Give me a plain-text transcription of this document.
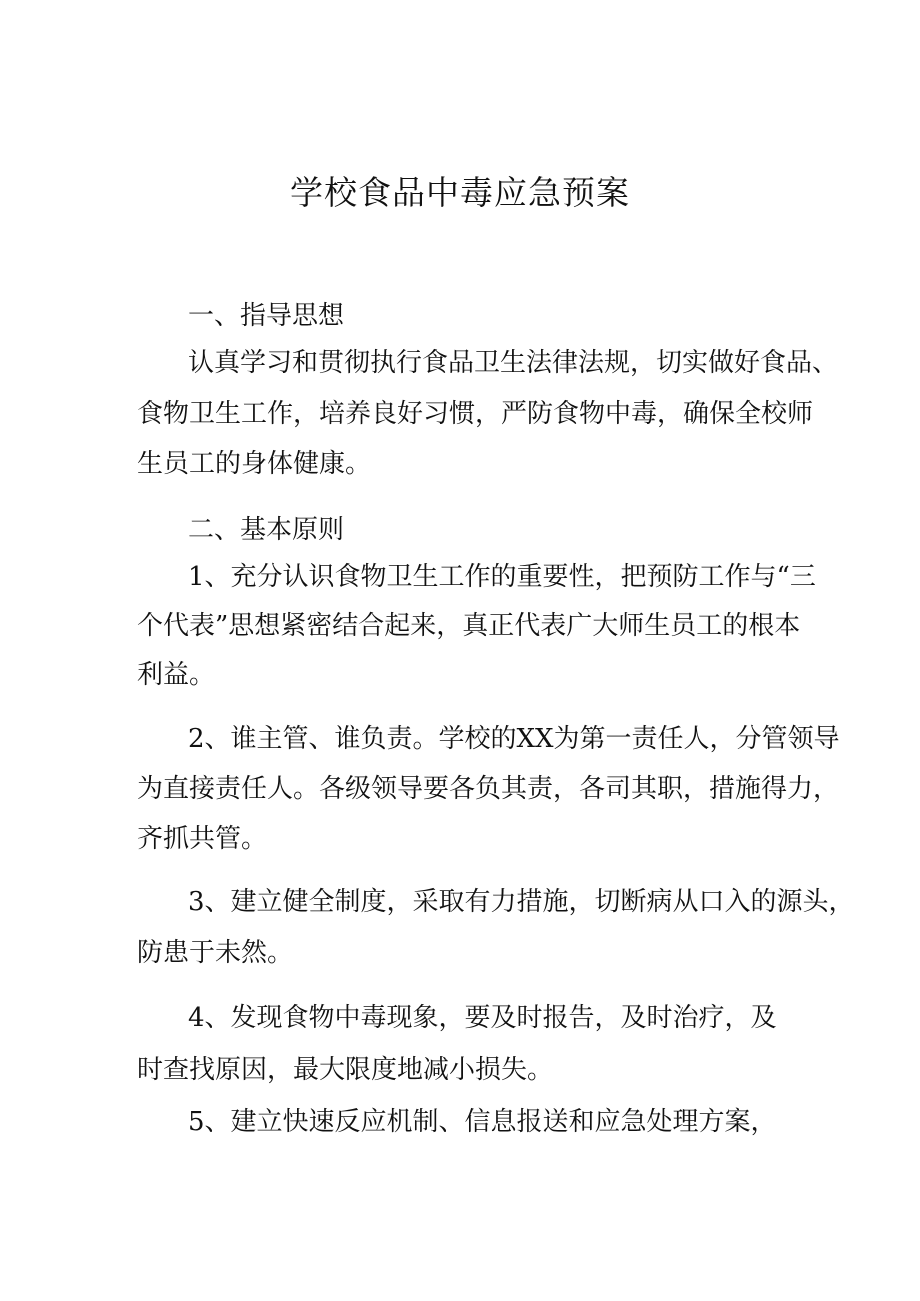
学校食品中毒应急预案
一、指导思想
认真学习和贯彻执行食品卫生法律法规，切实做好食品、
食物卫生工作，培养良好习惯，严防食物中毒，确保全校师
生员工的身体健康。
二、基本原则
1、充分认识食物卫生工作的重要性，把预防工作与“三
个代表”思想紧密结合起来，真正代表广大师生员工的根本
利益。
2、谁主管、谁负责。学校的XX为第一责任人，分管领导
为直接责任人。各级领导要各负其责，各司其职，措施得力，
齐抓共管。
3、建立健全制度，采取有力措施，切断病从口入的源头，
防患于未然。
4、发现食物中毒现象，要及时报告，及时治疗，及
时查找原因，最大限度地减小损失。
5、建立快速反应机制、信息报送和应急处理方案，
